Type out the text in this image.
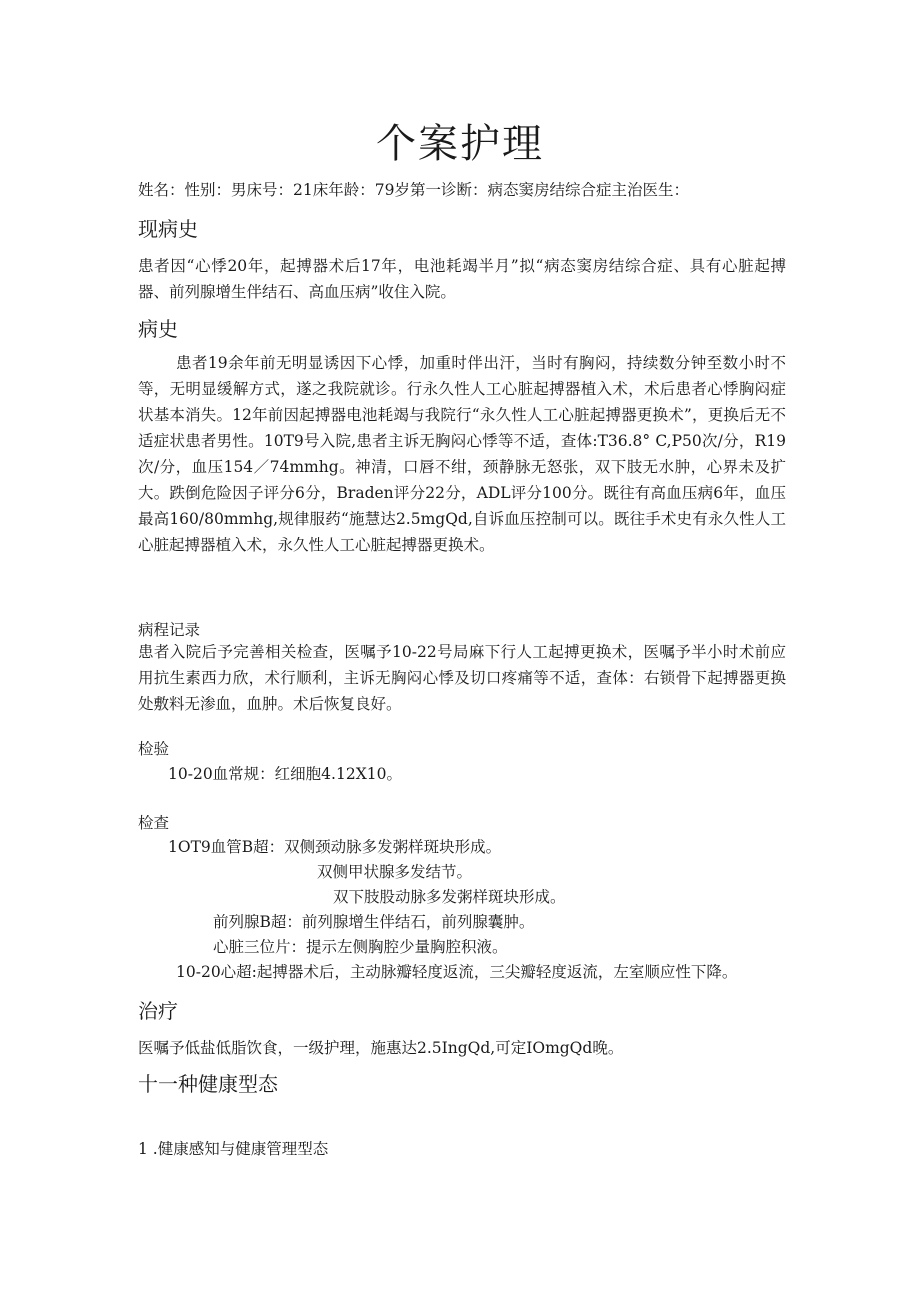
个案护理
姓名：性别：男床号：21床年龄：79岁第一诊断：病态窦房结综合症主治医生：
现病史

患者因“心悸20年，起搏器术后17年，电池耗竭半月”拟“病态窦房结综合症、具有心脏起搏器、前列腺增生伴结石、高血压病”收住入院。

病史

患者19余年前无明显诱因下心悸，加重时伴出汗，当时有胸闷，持续数分钟至数小时不等，无明显缓解方式，遂之我院就诊。行永久性人工心脏起搏器植入术，术后患者心悸胸闷症状基本消失。12年前因起搏器电池耗竭与我院行“永久性人工心脏起搏器更换术”，更换后无不适症状患者男性。10T9号入院,患者主诉无胸闷心悸等不适，查体:T36.8° C,P50次/分，R19次/分，血压154／74mmhg。神清，口唇不绀，颈静脉无怒张，双下肢无水肿，心界未及扩大。跌倒危险因子评分6分，Braden评分22分，ADL评分100分。既往有高血压病6年，血压最高160/80mmhg,规律服药“施慧达2.5mgQd,自诉血压控制可以。既往手术史有永久性人工心脏起搏器植入术，永久性人工心脏起搏器更换术。

病程记录

患者入院后予完善相关检查，医嘱予10-22号局麻下行人工起搏更换术，医嘱予半小时术前应用抗生素西力欣，术行顺利，主诉无胸闷心悸及切口疼痛等不适，查体：右锁骨下起搏器更换处敷料无渗血，血肿。术后恢复良好。

检验
10-20血常规：红细胞4.12X10。
检查
1OT9血管B超：双侧颈动脉多发粥样斑块形成。
双侧甲状腺多发结节。
双下肢股动脉多发粥样斑块形成。
前列腺B超：前列腺增生伴结石，前列腺囊肿。
心脏三位片：提示左侧胸腔少量胸腔积液。
10-20心超:起搏器术后，主动脉瓣轻度返流，三尖瓣轻度返流，左室顺应性下降。
治疗

医嘱予低盐低脂饮食，一级护理，施惠达2.5IngQd,可定IOmgQd晚。

十一种健康型态
1 .健康感知与健康管理型态
